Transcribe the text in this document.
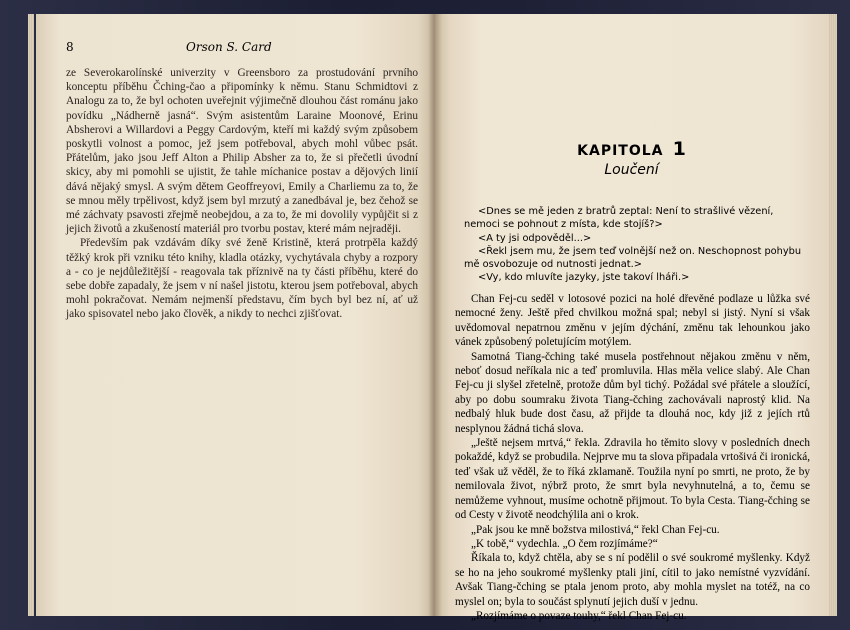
8	Orson S. Card

ze Severokarolínské univerzity v Greensboro za prostudování prvního konceptu příběhu Čching-čao a připomínky k němu. Stanu Schmidtovi z Analogu za to, že byl ochoten uveřejnit výjimečně dlouhou část románu jako povídku „Nádherně jasná“. Svým asistentům Laraine Moonové, Erinu Absherovi a Willardovi a Peggy Cardovým, kteří mi každý svým způsobem poskytli volnost a pomoc, jež jsem potřeboval, abych mohl vůbec psát. Přátelům, jako jsou Jeff Alton a Philip Absher za to, že si přečetli úvodní skicy, aby mi pomohli se ujistit, že tahle míchanice postav a dějových linií dává nějaký smysl. A svým dětem Geoffreyovi, Emily a Charliemu za to, že se mnou měly trpělivost, když jsem byl mrzutý a zanedbával je, bez čehož se mé záchvaty psavosti zřejmě neobejdou, a za to, že mi dovolily vypůjčit si z jejich životů a zkušeností materiál pro tvorbu postav, které mám nejraději.

Především pak vzdávám díky své ženě Kristině, která protrpěla každý těžký krok při vzniku této knihy, kladla otázky, vychytávala chyby a rozpory a - co je nejdůležitější - reagovala tak příznivě na ty části příběhu, které do sebe dobře zapadaly, že jsem v ní našel jistotu, kterou jsem potřeboval, abych mohl pokračovat. Nemám nejmenší představu, čím bych byl bez ní, ať už jako spisovatel nebo jako člověk, a nikdy to nechci zjišťovat.

KAPITOLA 1
Loučení

<Dnes se mě jeden z bratrů zeptal: Není to strašlivé vězení, nemoci se pohnout z místa, kde stojíš?>

<A ty jsi odpověděl...>

<Řekl jsem mu, že jsem teď volnější než on. Neschopnost pohybu mě osvobozuje od nutnosti jednat.>

<Vy, kdo mluvíte jazyky, jste takoví lháři.>

Chan Fej-cu seděl v lotosové pozici na holé dřevěné podlaze u lůžka své nemocné ženy. Ještě před chvilkou možná spal; nebyl si jistý. Nyní si však uvědomoval nepatrnou změnu v jejím dýchání, změnu tak lehounkou jako vánek způsobený poletujícím motýlem.

Samotná Tiang-čching také musela postřehnout nějakou změnu v něm, neboť dosud neříkala nic a teď promluvila. Hlas měla velice slabý. Ale Chan Fej-cu ji slyšel zřetelně, protože dům byl tichý. Požádal své přátele a sloužící, aby po dobu soumraku života Tiang-čching zachovávali naprostý klid. Na nedbalý hluk bude dost času, až přijde ta dlouhá noc, kdy již z jejích rtů nesplynou žádná tichá slova.

„Ještě nejsem mrtvá,“ řekla. Zdravila ho těmito slovy v posledních dnech pokaždé, když se probudila. Nejprve mu ta slova připadala vrtošivá či ironická, teď však už věděl, že to říká zklamaně. Toužila nyní po smrti, ne proto, že by nemilovala život, nýbrž proto, že smrt byla nevyhnutelná, a to, čemu se nemůžeme vyhnout, musíme ochotně přijmout. To byla Cesta. Tiang-čching se od Cesty v životě neodchýlila ani o krok.

„Pak jsou ke mně božstva milostivá,“ řekl Chan Fej-cu.

„K tobě,“ vydechla. „O čem rozjímáme?“

Říkala to, když chtěla, aby se s ní podělil o své soukromé myšlenky. Když se ho na jeho soukromé myšlenky ptali jiní, cítil to jako nemístné vyzvídání. Avšak Tiang-čching se ptala jenom proto, aby mohla myslet na totéž, na co myslel on; byla to součást splynutí jejich duší v jednu.

„Rozjímáme o povaze touhy,“ řekl Chan Fej-cu.
